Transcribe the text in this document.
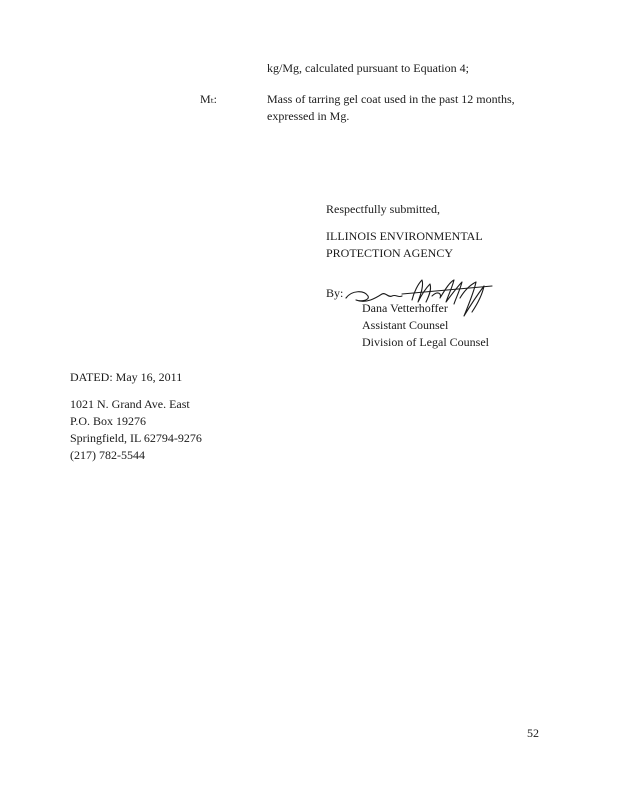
kg/Mg, calculated pursuant to Equation 4;
Mₜ:	Mass of tarring gel coat used in the past 12 months,
expressed in Mg.
Respectfully submitted,
ILLINOIS ENVIRONMENTAL
PROTECTION AGENCY
By:
Dana Vetterhoffer
Assistant Counsel
Division of Legal Counsel
DATED: May 16, 2011
1021 N. Grand Ave. East
P.O. Box 19276
Springfield, IL 62794-9276
(217) 782-5544
52
